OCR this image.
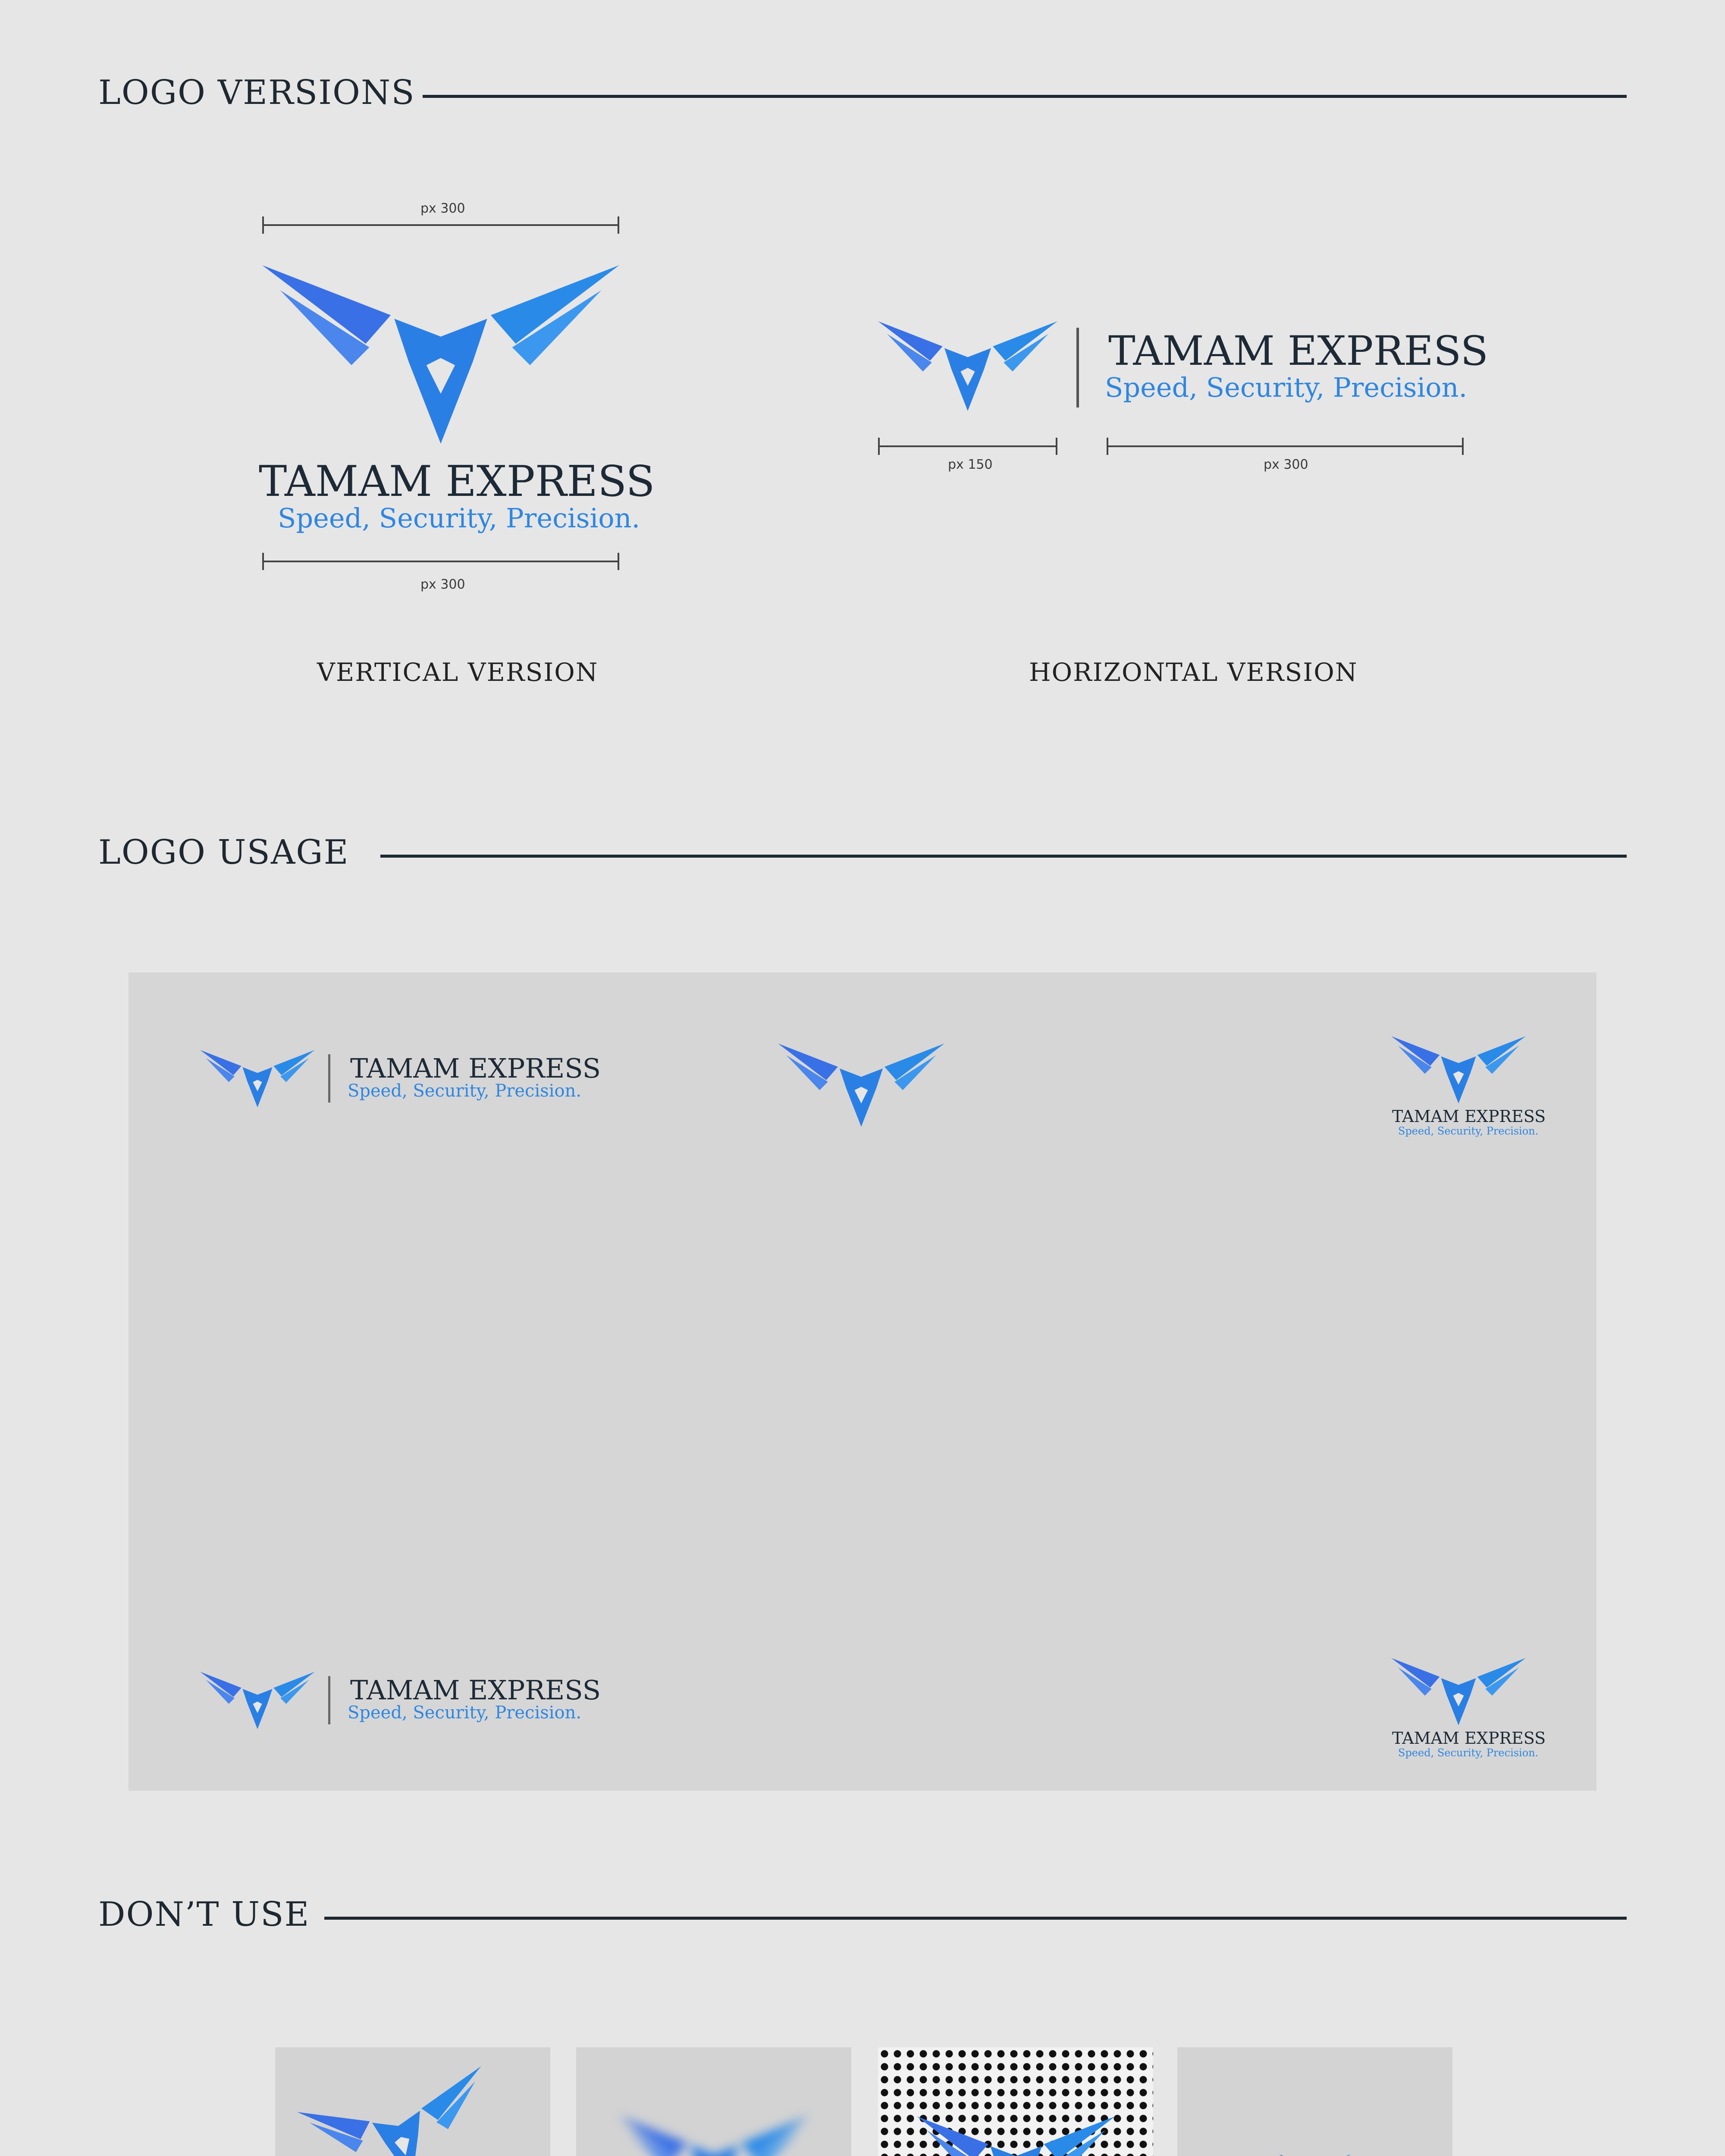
LOGO VERSIONS
px 300
TAMAM EXPRESS
Speed, Security, Precision.
px 300
VERTICAL VERSION
TAMAM EXPRESS
Speed, Security, Precision.
px 150	px 300
HORIZONTAL VERSION
LOGO USAGE
TAMAM EXPRESS
Speed, Security, Precision.
TAMAM EXPRESS
Speed, Security, Precision.
TAMAM EXPRESS
Speed, Security, Precision.
TAMAM EXPRESS
Speed, Security, Precision.
DON’T USE
